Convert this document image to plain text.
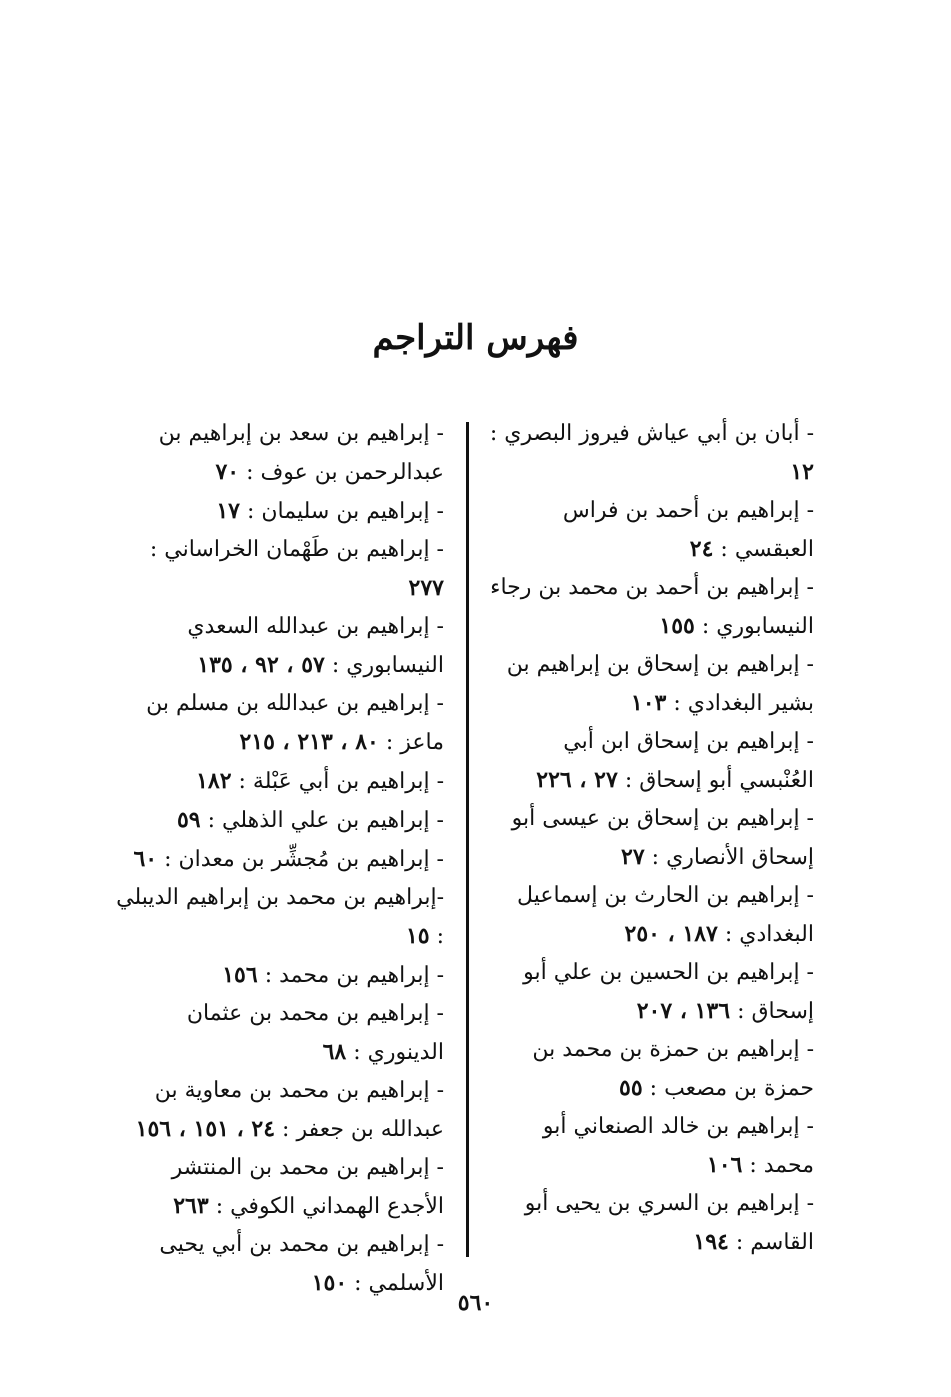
فهرس التراجم
- أبان بن أبي عياش فيروز البصري : ١٢
- إبراهيم بن أحمد بن فراس العبقسي : ٢٤
- إبراهيم بن أحمد بن محمد بن رجاء النيسابوري : ١٥٥
- إبراهيم بن إسحاق بن إبراهيم بن بشير البغدادي : ١٠٣
- إبراهيم بن إسحاق ابن أبي العُنْبسي أبو إسحاق : ٢٧ ، ٢٢٦
- إبراهيم بن إسحاق بن عيسى أبو إسحاق الأنصاري : ٢٧
- إبراهيم بن الحارث بن إسماعيل البغدادي : ١٨٧ ، ٢٥٠
- إبراهيم بن الحسين بن علي أبو إسحاق : ١٣٦ ، ٢٠٧
- إبراهيم بن حمزة بن محمد بن حمزة بن مصعب : ٥٥
- إبراهيم بن خالد الصنعاني أبو محمد : ١٠٦
- إبراهيم بن السري بن يحيى أبو القاسم : ١٩٤
- إبراهيم بن سعد بن إبراهيم بن عبدالرحمن بن عوف : ٧٠
- إبراهيم بن سليمان : ١٧
- إبراهيم بن طَهْمان الخراساني : ٢٧٧
- إبراهيم بن عبدالله السعدي النيسابوري : ٥٧ ، ٩٢ ، ١٣٥
- إبراهيم بن عبدالله بن مسلم بن ماعز : ٨٠ ، ٢١٣ ، ٢١٥
- إبراهيم بن أبي عَبْلة : ١٨٢
- إبراهيم بن علي الذهلي : ٥٩
- إبراهيم بن مُجشِّر بن معدان : ٦٠
-إبراهيم بن محمد بن إبراهيم الديبلي : ١٥
- إبراهيم بن محمد : ١٥٦
- إبراهيم بن محمد بن عثمان الدينوري : ٦٨
- إبراهيم بن محمد بن معاوية بن عبدالله بن جعفر : ٢٤ ، ١٥١ ، ١٥٦
- إبراهيم بن محمد بن المنتشر الأجدع الهمداني الكوفي : ٢٦٣
- إبراهيم بن محمد بن أبي يحيى الأسلمي : ١٥٠
٥٦٠
